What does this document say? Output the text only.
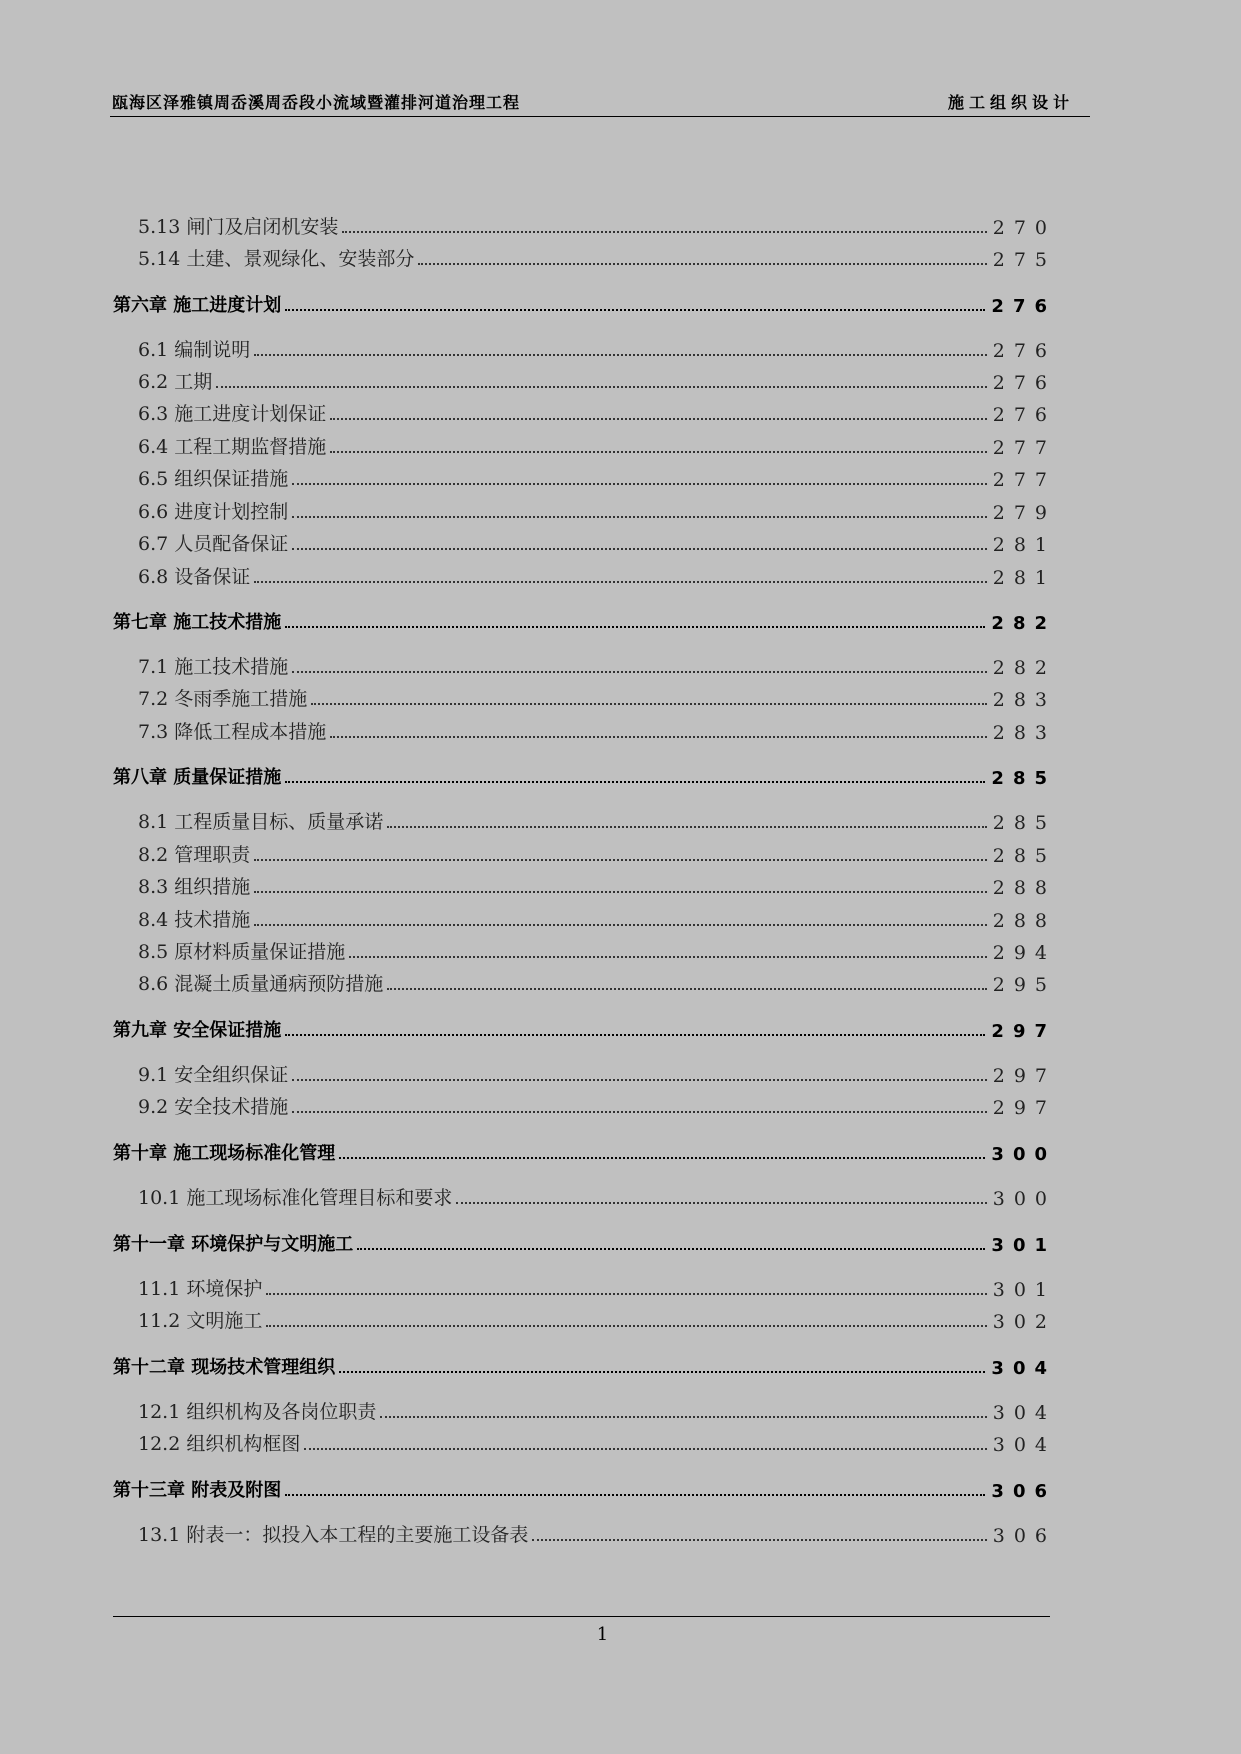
瓯海区泽雅镇周岙溪周岙段小流域暨灌排河道治理工程	施工组织设计
5.13 闸门及启闭机安装	270
5.14 土建、景观绿化、安装部分	275
第六章 施工进度计划	276
6.1 编制说明	276
6.2 工期	276
6.3 施工进度计划保证	276
6.4 工程工期监督措施	277
6.5 组织保证措施	277
6.6 进度计划控制	279
6.7 人员配备保证	281
6.8 设备保证	281
第七章 施工技术措施	282
7.1 施工技术措施	282
7.2 冬雨季施工措施	283
7.3 降低工程成本措施	283
第八章 质量保证措施	285
8.1 工程质量目标、质量承诺	285
8.2 管理职责	285
8.3 组织措施	288
8.4 技术措施	288
8.5 原材料质量保证措施	294
8.6 混凝土质量通病预防措施	295
第九章 安全保证措施	297
9.1 安全组织保证	297
9.2 安全技术措施	297
第十章 施工现场标准化管理	300
10.1 施工现场标准化管理目标和要求	300
第十一章 环境保护与文明施工	301
11.1 环境保护	301
11.2 文明施工	302
第十二章 现场技术管理组织	304
12.1 组织机构及各岗位职责	304
12.2 组织机构框图	304
第十三章 附表及附图	306
13.1 附表一：拟投入本工程的主要施工设备表	306
1
